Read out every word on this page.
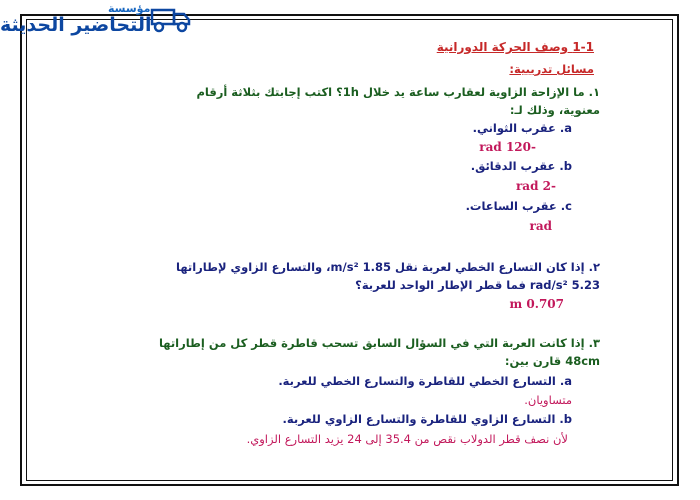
مؤسسة
التحاضير الحديثة
1-1 وصف الحركة الدورانية
مسائل تدريبية:
١. ما الإزاحة الزاوية لعقارب ساعة يد خلال 1h؟ اكتب إجابتك بثلاثة أرقام
معنوية، وذلك لـ:
a. عقرب الثواني.
-120 rad
b. عقرب الدقائق.
-2 rad
c. عقرب الساعات.
rad
٢. إذا كان التسارع الخطي لعربة نقل 1.85 m/s²، والتسارع الزاوي لإطاراتها
5.23 rad/s² فما قطر الإطار الواحد للعربة؟
0.707 m
٣. إذا كانت العربة التي في السؤال السابق تسحب قاطرة قطر كل من إطاراتها
48cm قارن بين:
a. التسارع الخطي للقاطرة والتسارع الخطي للعربة.
متساويان.
b. التسارع الزاوي للقاطرة والتسارع الزاوي للعربة.
لأن نصف قطر الدولاب نقص من 35.4 إلى 24 يزيد التسارع الزاوي.
